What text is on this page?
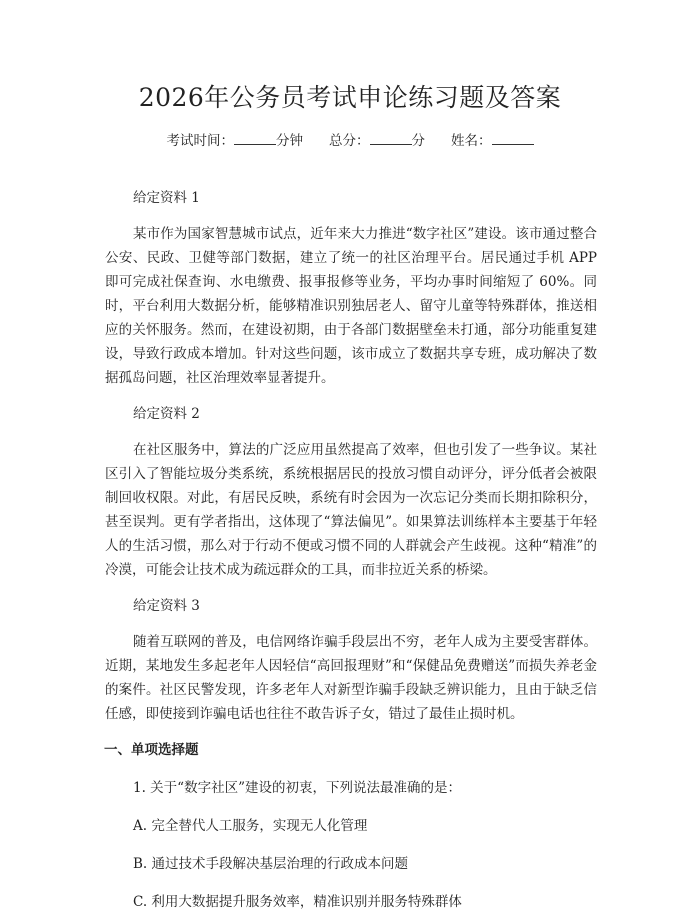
2026年公务员考试申论练习题及答案
考试时间：	分钟 总分：	分 姓名：

给定资料 1

某市作为国家智慧城市试点，近年来大力推进“数字社区”建设。该市通过整合公安、民政、卫健等部门数据，建立了统一的社区治理平台。居民通过手机 APP 即可完成社保查询、水电缴费、报事报修等业务，平均办事时间缩短了 60%。同时，平台利用大数据分析，能够精准识别独居老人、留守儿童等特殊群体，推送相应的关怀服务。然而，在建设初期，由于各部门数据壁垒未打通，部分功能重复建设，导致行政成本增加。针对这些问题，该市成立了数据共享专班，成功解决了数据孤岛问题，社区治理效率显著提升。

给定资料 2

在社区服务中，算法的广泛应用虽然提高了效率，但也引发了一些争议。某社区引入了智能垃圾分类系统，系统根据居民的投放习惯自动评分，评分低者会被限制回收权限。对此，有居民反映，系统有时会因为一次忘记分类而长期扣除积分，甚至误判。更有学者指出，这体现了“算法偏见”。如果算法训练样本主要基于年轻人的生活习惯，那么对于行动不便或习惯不同的人群就会产生歧视。这种“精准”的冷漠，可能会让技术成为疏远群众的工具，而非拉近关系的桥梁。

给定资料 3

随着互联网的普及，电信网络诈骗手段层出不穷，老年人成为主要受害群体。近期，某地发生多起老年人因轻信“高回报理财”和“保健品免费赠送”而损失养老金的案件。社区民警发现，许多老年人对新型诈骗手段缺乏辨识能力，且由于缺乏信任感，即使接到诈骗电话也往往不敢告诉子女，错过了最佳止损时机。

一、单项选择题

1. 关于“数字社区”建设的初衷，下列说法最准确的是：

A. 完全替代人工服务，实现无人化管理

B. 通过技术手段解决基层治理的行政成本问题

C. 利用大数据提升服务效率，精准识别并服务特殊群体
